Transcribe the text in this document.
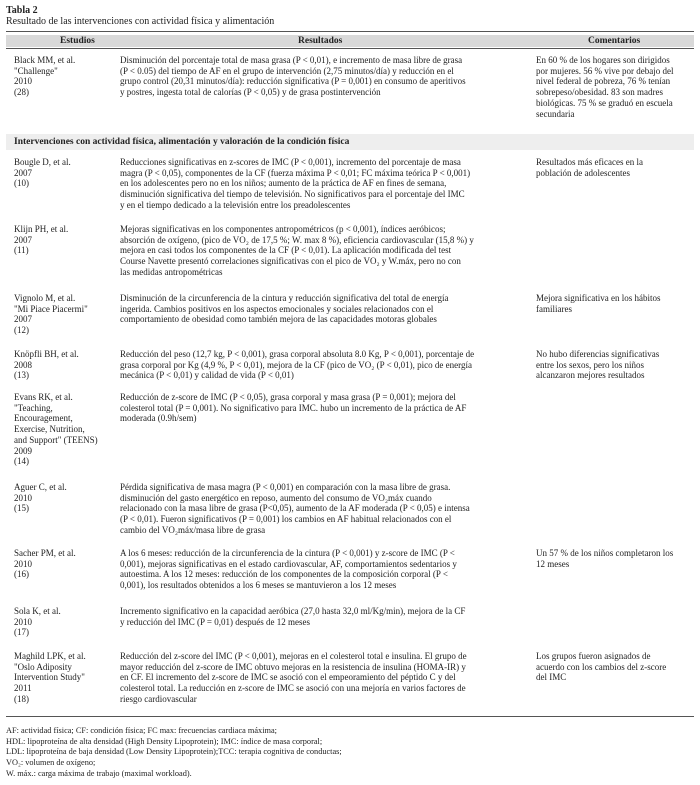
Tabla 2
Resultado de las intervenciones con actividad física y alimentación
Estudios	Resultados	Comentarios
Black MM, et al.
"Challenge"
2010
(28)
Disminución del porcentaje total de masa grasa (P < 0,01), e incremento de masa libre de grasa
(P < 0.05) del tiempo de AF en el grupo de intervención (2,75 minutos/día) y reducción en el
grupo control (20,31 minutos/día): reducción significativa (P = 0,001) en consumo de aperitivos
y postres, ingesta total de calorías (P < 0,05) y de grasa postintervención
En 60 % de los hogares son dirigidos
por mujeres. 56 % vive por debajo del
nivel federal de pobreza, 76 % tenían
sobrepeso/obesidad. 83 son madres
biológicas. 75 % se graduó en escuela
secundaria
Intervenciones con actividad física, alimentación y valoración de la condición física
Bougle D, et al.
2007
(10)
Reducciones significativas en z-scores de IMC (P < 0,001), incremento del porcentaje de masa
magra (P < 0,05), componentes de la CF (fuerza máxima P < 0,01; FC máxima teórica P < 0,001)
en los adolescentes pero no en los niños; aumento de la práctica de AF en fines de semana,
disminución significativa del tiempo de televisión. No significativos para el porcentaje del IMC
y en el tiempo dedicado a la televisión entre los preadolescentes
Resultados más eficaces en la
población de adolescentes
Klijn PH, et al.
2007
(11)
Mejoras significativas en los componentes antropométricos (p < 0,001), índices aeróbicos;
absorción de oxígeno, (pico de VO₂ de 17,5 %; W. max 8 %), eficiencia cardiovascular (15,8 %) y
mejora en casi todos los componentes de la CF (P < 0,01). La aplicación modificada del test
Course Navette presentó correlaciones significativas con el pico de VO₂ y W.máx, pero no con
las medidas antropométricas
Vignolo M, et al.
"Mi Piace Piacermi"
2007
(12)
Disminución de la circunferencia de la cintura y reducción significativa del total de energía
ingerida. Cambios positivos en los aspectos emocionales y sociales relacionados con el
comportamiento de obesidad como también mejora de las capacidades motoras globales
Mejora significativa en los hábitos
familiares
Knöpfli BH, et al.
2008
(13)
Reducción del peso (12,7 kg, P < 0,001), grasa corporal absoluta 8.0 Kg, P < 0,001), porcentaje de
grasa corporal por Kg (4,9 %, P < 0,01), mejora de la CF (pico de VO₂ (P < 0,01), pico de energía
mecánica (P < 0,01) y calidad de vida (P < 0,01)
No hubo diferencias significativas
entre los sexos, pero los niños
alcanzaron mejores resultados
Evans RK, et al.
"Teaching,
Encouragement,
Exercise, Nutrition,
and Support" (TEENS)
2009
(14)
Reducción de z-score de IMC (P < 0,05), grasa corporal y masa grasa (P = 0,001); mejora del
colesterol total (P = 0,001). No significativo para IMC. hubo un incremento de la práctica de AF
moderada (0.9h/sem)
Aguer C, et al.
2010
(15)
Pérdida significativa de masa magra (P < 0,001) en comparación con la masa libre de grasa.
disminución del gasto energético en reposo, aumento del consumo de VO₂máx cuando
relacionado con la masa libre de grasa (P<0,05), aumento de la AF moderada (P < 0,05) e intensa
(P < 0,01). Fueron significativos (P = 0,001) los cambios en AF habitual relacionados con el
cambio del VO₂máx/masa libre de grasa
Sacher PM, et al.
2010
(16)
A los 6 meses: reducción de la circunferencia de la cintura (P < 0,001) y z-score de IMC (P <
0,001), mejoras significativas en el estado cardiovascular, AF, comportamientos sedentarios y
autoestima. A los 12 meses: reducción de los componentes de la composición corporal (P <
0,001), los resultados obtenidos a los 6 meses se mantuvieron a los 12 meses
Un 57 % de los niños completaron los
12 meses
Sola K, et al.
2010
(17)
Incremento significativo en la capacidad aeróbica (27,0 hasta 32,0 ml/Kg/min), mejora de la CF
y reducción del IMC (P = 0,01) después de 12 meses
Maghild LPK, et al.
"Oslo Adiposity
Intervention Study"
2011
(18)
Reducción del z-score del IMC (P < 0,001), mejoras en el colesterol total e insulina. El grupo de
mayor reducción del z-score de IMC obtuvo mejoras en la resistencia de insulina (HOMA-IR) y
en CF. El incremento del z-score de IMC se asoció con el empeoramiento del péptido C y del
colesterol total. La reducción en z-score de IMC se asoció con una mejoría en varios factores de
riesgo cardiovascular
Los grupos fueron asignados de
acuerdo con los cambios del z-score
del IMC
AF: actividad física; CF: condición física; FC max: frecuencias cardiaca máxima;
HDL: lipoproteína de alta densidad (High Density Lipoprotein); IMC: índice de masa corporal;
LDL: lipoproteína de baja densidad (Low Density Lipoprotein);TCC: terapia cognitiva de conductas;
VO₂: volumen de oxígeno;
W. máx.: carga máxima de trabajo (maximal workload).
